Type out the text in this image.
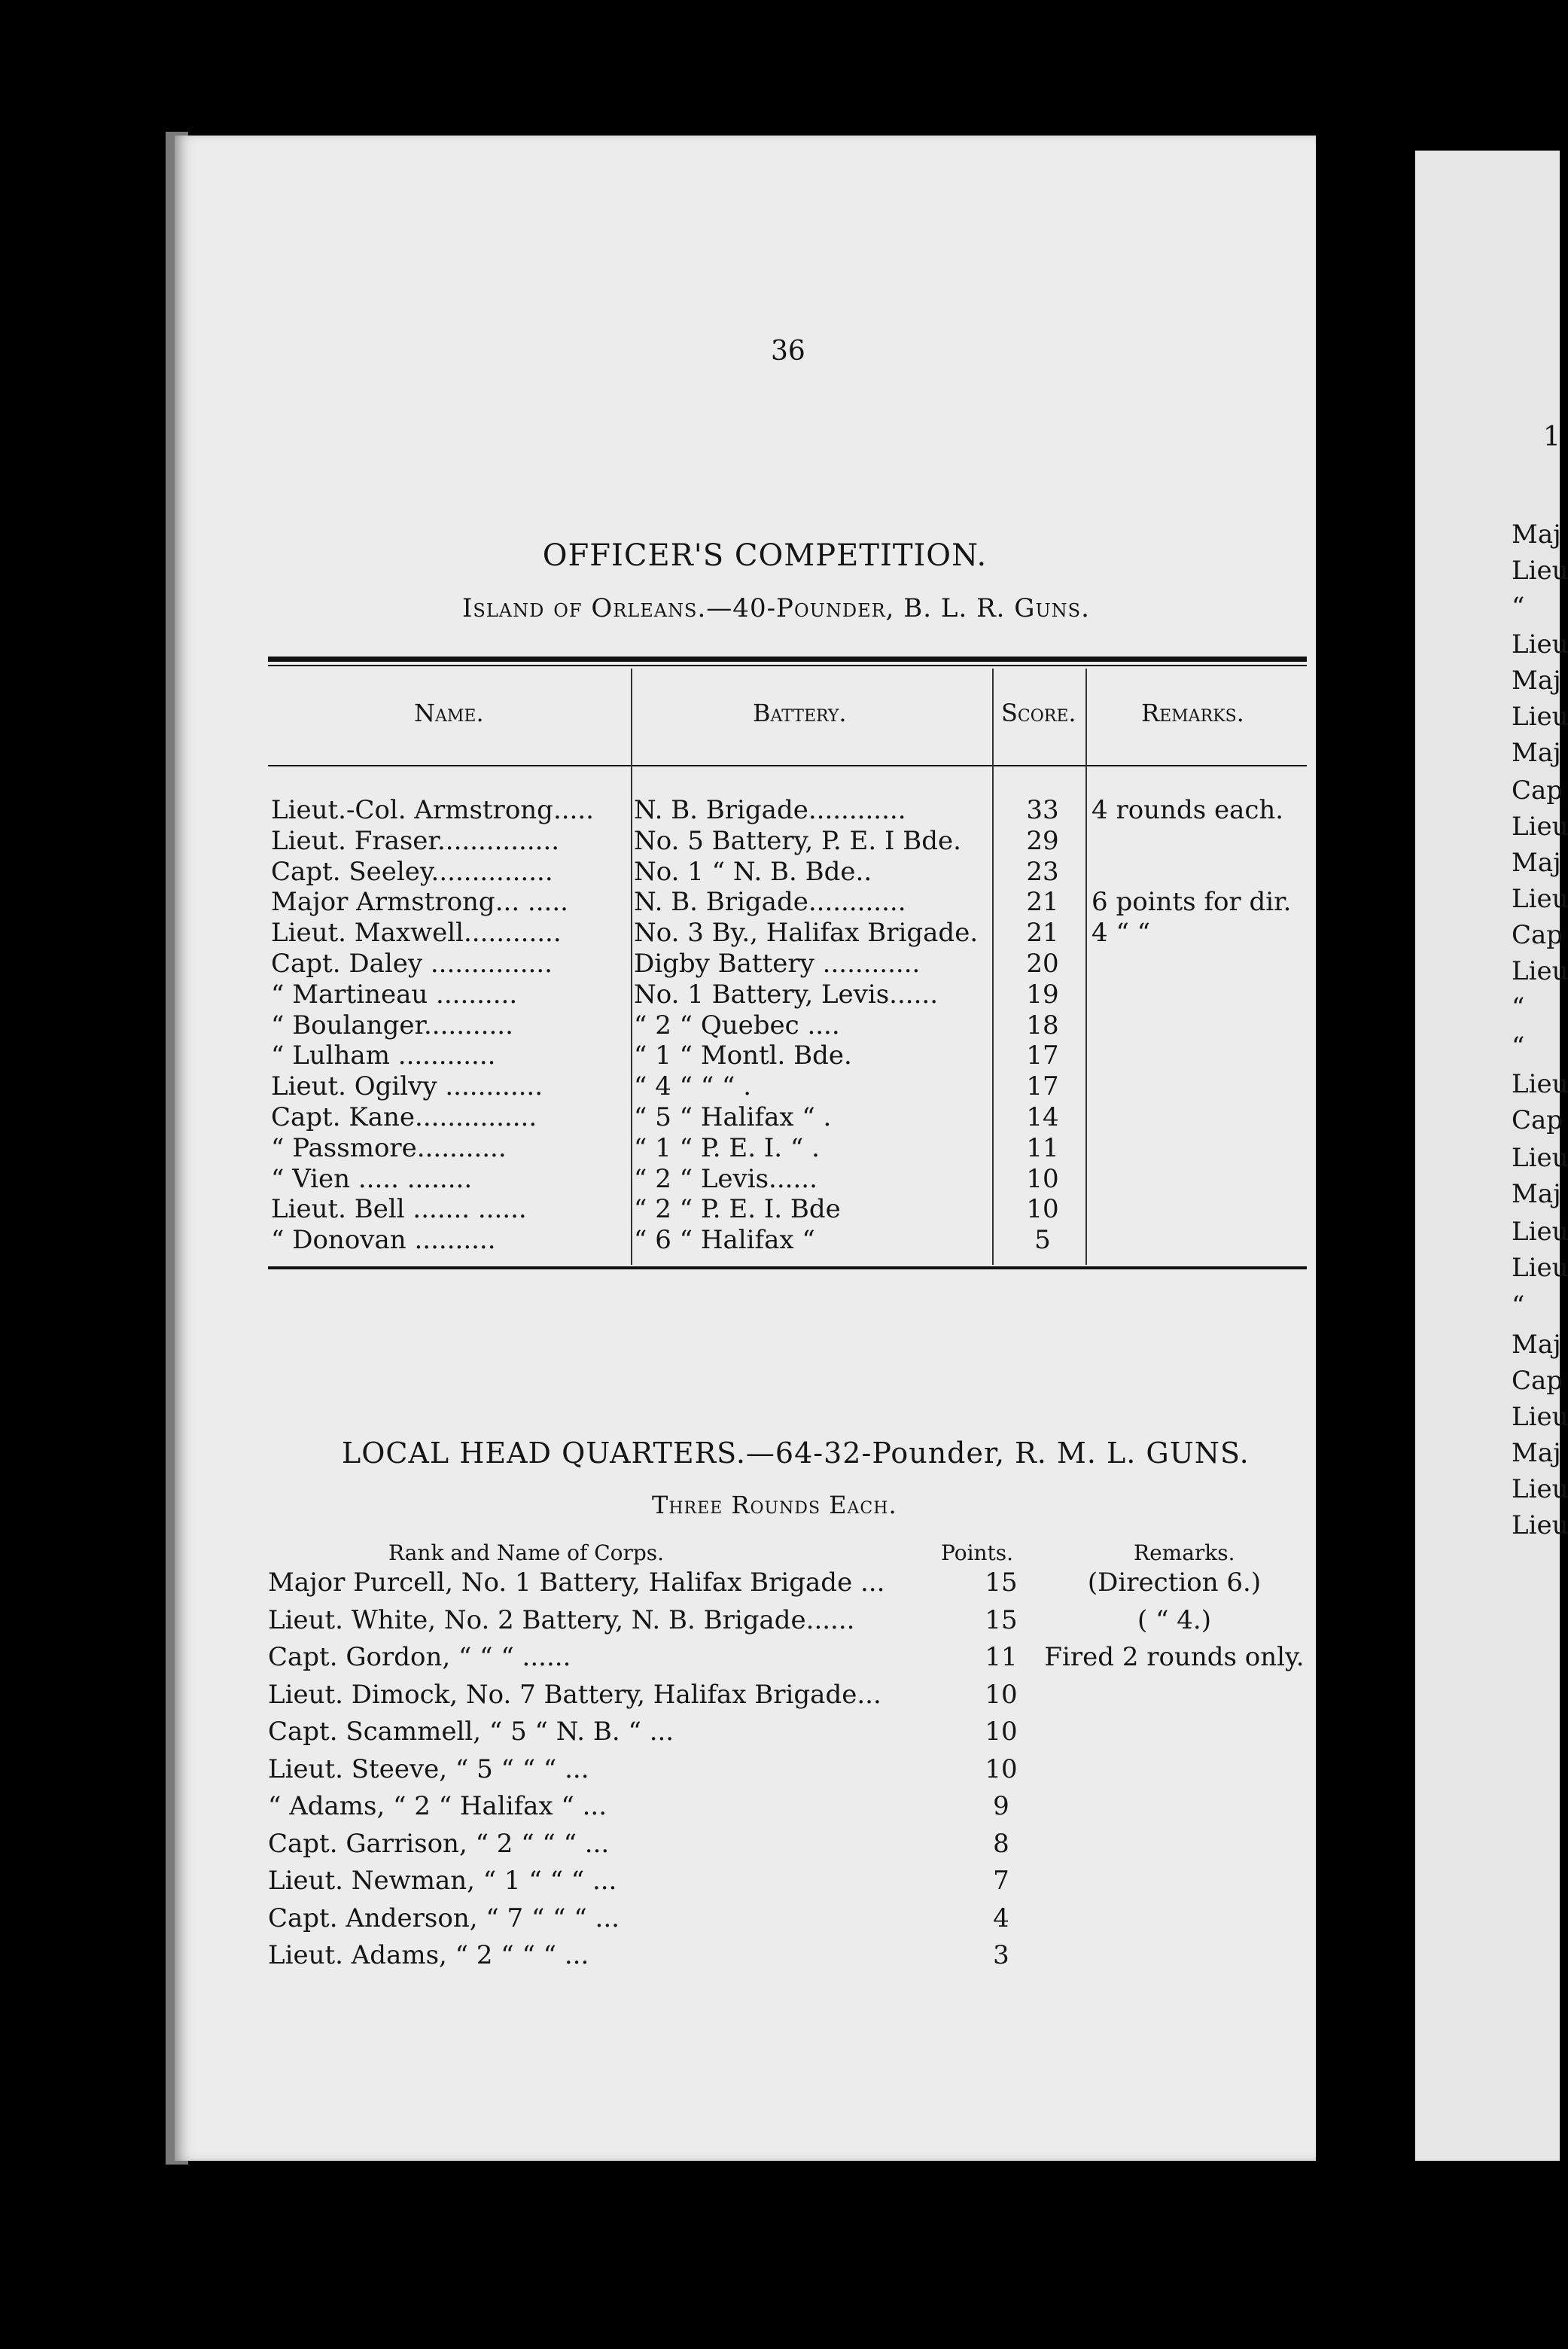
1
Maj
Lieu
“
Lieu
Maj
Lieu
Maj
Cap
Lieu
Maj
Lieu
Cap
Lieu
“
“
Lieu
Cap
Lieu
Maj
Lieu
Lieu
“
Maj
Cap
Lieu
Maj
Lieu
Lieu
36
OFFICER'S COMPETITION.
Island of Orleans.—40-Pounder, B. L. R. Guns.
Name.	Battery.	Score.	Remarks.
Lieut.-Col. Armstrong.....	N. B. Brigade............	33	4 rounds each.
Lieut. Fraser...............	No. 5 Battery, P. E. I Bde.	29
Capt. Seeley...............	No. 1 “ N. B. Bde..	23
Major Armstrong... .....	N. B. Brigade............	21	6 points for dir.
Lieut. Maxwell............	No. 3 By., Halifax Brigade.	21	4 “ “
Capt. Daley ...............	Digby Battery ............	20
“ Martineau ..........	No. 1 Battery, Levis......	19
“ Boulanger...........	“ 2 “ Quebec ....	18
“ Lulham ............	“ 1 “ Montl. Bde.	17
Lieut. Ogilvy ............	“ 4 “ “ “ .	17
Capt. Kane...............	“ 5 “ Halifax “ .	14
“ Passmore...........	“ 1 “ P. E. I. “ .	11
“ Vien ..... ........	“ 2 “ Levis......	10
Lieut. Bell ....... ......	“ 2 “ P. E. I. Bde	10
“ Donovan ..........	“ 6 “ Halifax “	5
LOCAL HEAD QUARTERS.—64-32-Pounder, R. M. L. GUNS.
Three Rounds Each.
Rank and Name of Corps.	Points.	Remarks.
Major Purcell, No. 1 Battery, Halifax Brigade ...	15	(Direction 6.)
Lieut. White, No. 2 Battery, N. B. Brigade......	15	( “ 4.)
Capt. Gordon, “ “ “ ......	11	Fired 2 rounds only.
Lieut. Dimock, No. 7 Battery, Halifax Brigade...	10
Capt. Scammell, “ 5 “ N. B. “ ...	10
Lieut. Steeve, “ 5 “ “ “ ...	10
“ Adams, “ 2 “ Halifax “ ...	9
Capt. Garrison, “ 2 “ “ “ ...	8
Lieut. Newman, “ 1 “ “ “ ...	7
Capt. Anderson, “ 7 “ “ “ ...	4
Lieut. Adams, “ 2 “ “ “ ...	3
